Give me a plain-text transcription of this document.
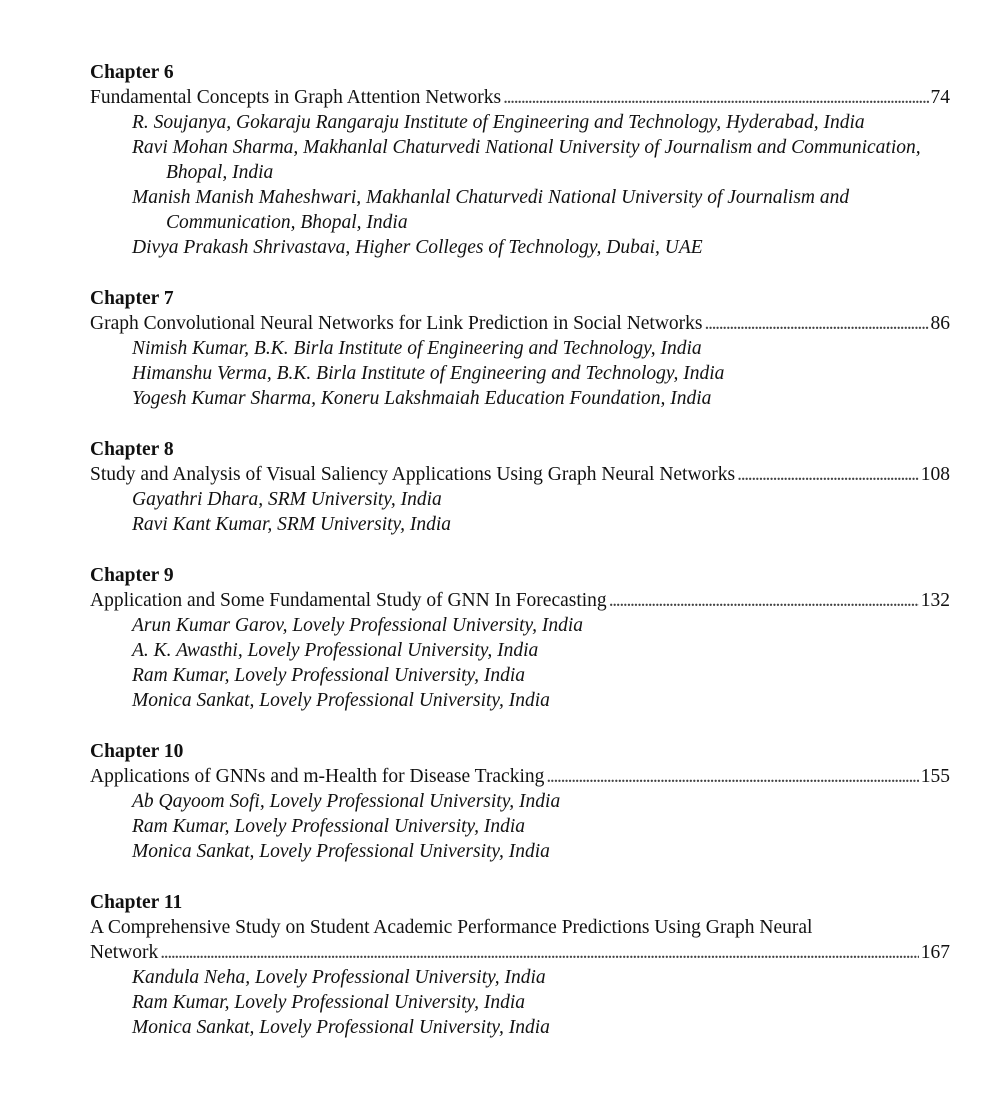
Chapter 6
Fundamental Concepts in Graph Attention Networks . . .	74
R. Soujanya, Gokaraju Rangaraju Institute of Engineering and Technology, Hyderabad, India
Ravi Mohan Sharma, Makhanlal Chaturvedi National University of Journalism and Communication, Bhopal, India
Manish Manish Maheshwari, Makhanlal Chaturvedi National University of Journalism and Communication, Bhopal, India
Divya Prakash Shrivastava, Higher Colleges of Technology, Dubai, UAE
Chapter 7
Graph Convolutional Neural Networks for Link Prediction in Social Networks . . .	86
Nimish Kumar, B.K. Birla Institute of Engineering and Technology, India
Himanshu Verma, B.K. Birla Institute of Engineering and Technology, India
Yogesh Kumar Sharma, Koneru Lakshmaiah Education Foundation, India
Chapter 8
Study and Analysis of Visual Saliency Applications Using Graph Neural Networks . . .	108
Gayathri Dhara, SRM University, India
Ravi Kant Kumar, SRM University, India
Chapter 9
Application and Some Fundamental Study of GNN In Forecasting . . .	132
Arun Kumar Garov, Lovely Professional University, India
A. K. Awasthi, Lovely Professional University, India
Ram Kumar, Lovely Professional University, India
Monica Sankat, Lovely Professional University, India
Chapter 10
Applications of GNNs and m-Health for Disease Tracking . . .	155
Ab Qayoom Sofi, Lovely Professional University, India
Ram Kumar, Lovely Professional University, India
Monica Sankat, Lovely Professional University, India
Chapter 11
A Comprehensive Study on Student Academic Performance Predictions Using Graph Neural
Network . . .	167
Kandula Neha, Lovely Professional University, India
Ram Kumar, Lovely Professional University, India
Monica Sankat, Lovely Professional University, India
